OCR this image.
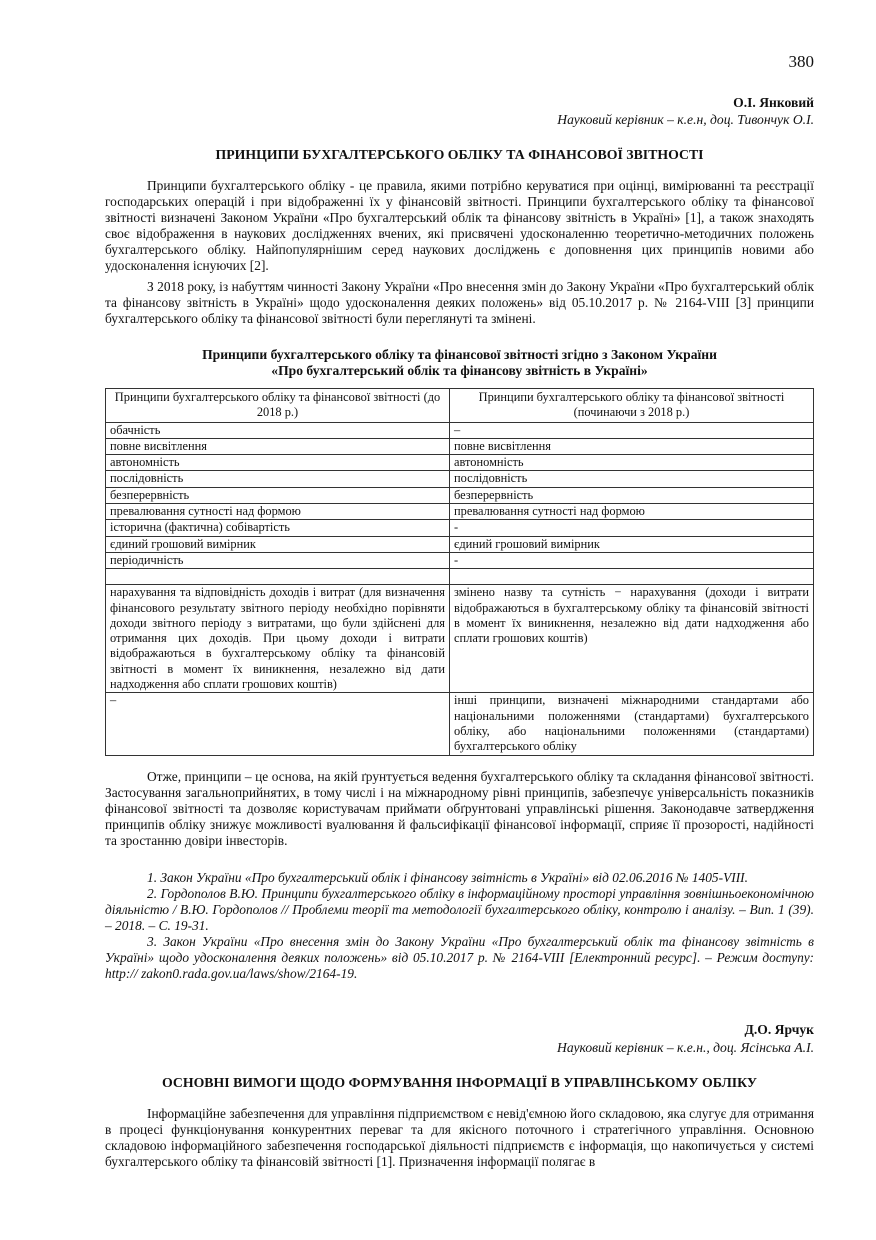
380
О.І. Янковий
Науковий керівник – к.е.н, доц. Тивончук О.І.
ПРИНЦИПИ БУХГАЛТЕРСЬКОГО ОБЛІКУ ТА ФІНАНСОВОЇ ЗВІТНОСТІ

Принципи бухгалтерського обліку - це правила, якими потрібно керуватися при оцінці, вимірюванні та реєстрації господарських операцій і при відображенні їх у фінансовій звітності. Принципи бухгалтерського обліку та фінансової звітності визначені Законом України «Про бухгалтерський облік та фінансову звітність в Україні» [1], а також знаходять своє відображення в наукових дослідженнях вчених, які присвячені удосконаленню теоретично-методичних положень бухгалтерського обліку. Найпопулярнішим серед наукових досліджень є доповнення цих принципів новими або удосконалення існуючих [2].

З 2018 року, із набуттям чинності Закону України «Про внесення змін до Закону України «Про бухгалтерський облік та фінансову звітність в Україні» щодо удосконалення деяких положень» від 05.10.2017 р. № 2164-VIII [3] принципи бухгалтерського обліку та фінансової звітності були переглянуті та змінені.

Принципи бухгалтерського обліку та фінансової звітності згідно з Законом України
«Про бухгалтерський облік та фінансову звітність в Україні»
Принципи бухгалтерського обліку та фінансової звітності (до 2018 р.)	Принципи бухгалтерського обліку та фінансової звітності (починаючи з 2018 р.)
обачність	–
повне висвітлення	повне висвітлення
автономність	автономність
послідовність	послідовність
безперервність	безперервність
превалювання сутності над формою	превалювання сутності над формою
історична (фактична) собівартість	-
єдиний грошовий вимірник	єдиний грошовий вимірник
періодичність	-

нарахування та відповідність доходів і витрат (для визначення фінансового результату звітного періоду необхідно порівняти доходи звітного періоду з витратами, що були здійснені для отримання цих доходів. При цьому доходи і витрати відображаються в бухгалтерському обліку та фінансовій звітності в момент їх виникнення, незалежно від дати надходження або сплати грошових коштів)	змінено назву та сутність − нарахування (доходи і витрати відображаються в бухгалтерському обліку та фінансовій звітності в момент їх виникнення, незалежно від дати надходження або сплати грошових коштів)
–	інші принципи, визначені міжнародними стандартами або національними положеннями (стандартами) бухгалтерського обліку, або національними положеннями (стандартами) бухгалтерського обліку

Отже, принципи – це основа, на якій ґрунтується ведення бухгалтерського обліку та складання фінансової звітності. Застосування загальноприйнятих, в тому числі і на міжнародному рівні принципів, забезпечує універсальність показників фінансової звітності та дозволяє користувачам приймати обґрунтовані управлінські рішення. Законодавче затвердження принципів обліку знижує можливості вуалювання й фальсифікації фінансової інформації, сприяє її прозорості, надійності та зростанню довіри інвесторів.

1. Закон України «Про бухгалтерський облік і фінансову звітність в Україні» від 02.06.2016 № 1405-VIII.

2. Гордополов В.Ю. Принципи бухгалтерського обліку в інформаційному просторі управління зовнішньоекономічною діяльністю / В.Ю. Гордополов // Проблеми теорії та методології бухгалтерського обліку, контролю і аналізу. – Вип. 1 (39). – 2018. – С. 19-31.

3. Закон України «Про внесення змін до Закону України «Про бухгалтерський облік та фінансову звітність в Україні» щодо удосконалення деяких положень» від 05.10.2017 р. № 2164-VIII [Електронний ресурс]. – Режим доступу: http:// zakon0.rada.gov.ua/laws/show/2164-19.

Д.О. Ярчук
Науковий керівник – к.е.н., доц. Ясінська А.І.
ОСНОВНІ ВИМОГИ ЩОДО ФОРМУВАННЯ ІНФОРМАЦІЇ В УПРАВЛІНСЬКОМУ ОБЛІКУ

Інформаційне забезпечення для управління підприємством є невід'ємною його складовою, яка слугує для отримання в процесі функціонування конкурентних переваг та для якісного поточного і стратегічного управління. Основною складовою інформаційного забезпечення господарської діяльності підприємств є інформація, що накопичується у системі бухгалтерського обліку та фінансовій звітності [1]. Призначення інформації полягає в
